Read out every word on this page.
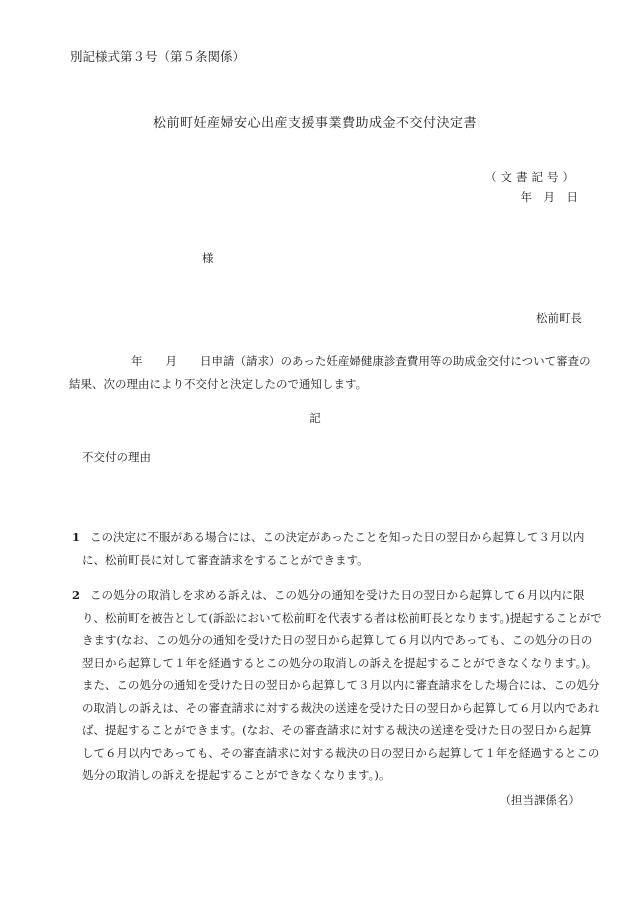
別記様式第３号（第５条関係）
松前町妊産婦安心出産支援事業費助成金不交付決定書
（文書記号）
年　月　日
様
松前町長
年　　月　　日申請（請求）のあった妊産婦健康診査費用等の助成金交付について審査の結果、次の理由により不交付と決定したので通知します。
記
不交付の理由
1 この決定に不服がある場合には、この決定があったことを知った日の翌日から起算して３月以内に、松前町長に対して審査請求をすることができます。
2 この処分の取消しを求める訴えは、この処分の通知を受けた日の翌日から起算して６月以内に限り、松前町を被告として(訴訟において松前町を代表する者は松前町長となります。)提起することができます(なお、この処分の通知を受けた日の翌日から起算して６月以内であっても、この処分の日の翌日から起算して１年を経過するとこの処分の取消しの訴えを提起することができなくなります。)。また、この処分の通知を受けた日の翌日から起算して３月以内に審査請求をした場合には、この処分の取消しの訴えは、その審査請求に対する裁決の送達を受けた日の翌日から起算して６月以内であれば、提起することができます。(なお、その審査請求に対する裁決の送達を受けた日の翌日から起算して６月以内であっても、その審査請求に対する裁決の日の翌日から起算して１年を経過するとこの処分の取消しの訴えを提起することができなくなります。)。
（担当課係名）
